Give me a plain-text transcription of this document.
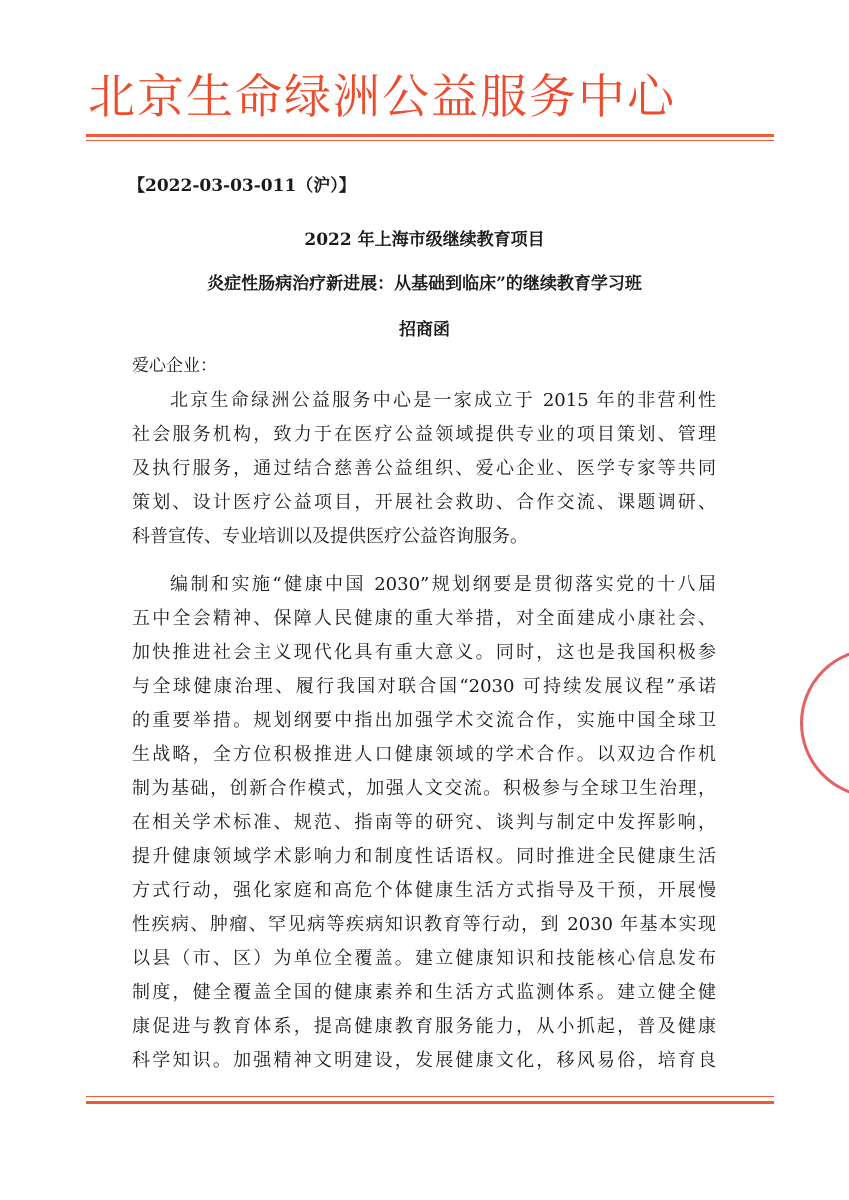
北京生命绿洲公益服务中心
【2022-03-03-011（沪）】
2022 年上海市级继续教育项目
炎症性肠病治疗新进展：从基础到临床”的继续教育学习班
招商函
爱心企业：
北京生命绿洲公益服务中心是一家成立于 2015 年的非营利性
社会服务机构，致力于在医疗公益领域提供专业的项目策划、管理
及执行服务，通过结合慈善公益组织、爱心企业、医学专家等共同
策划、设计医疗公益项目，开展社会救助、合作交流、课题调研、
科普宣传、专业培训以及提供医疗公益咨询服务。
编制和实施“健康中国 2030”规划纲要是贯彻落实党的十八届
五中全会精神、保障人民健康的重大举措，对全面建成小康社会、
加快推进社会主义现代化具有重大意义。同时，这也是我国积极参
与全球健康治理、履行我国对联合国“2030 可持续发展议程”承诺
的重要举措。规划纲要中指出加强学术交流合作，实施中国全球卫
生战略，全方位积极推进人口健康领域的学术合作。以双边合作机
制为基础，创新合作模式，加强人文交流。积极参与全球卫生治理，
在相关学术标准、规范、指南等的研究、谈判与制定中发挥影响，
提升健康领域学术影响力和制度性话语权。同时推进全民健康生活
方式行动，强化家庭和高危个体健康生活方式指导及干预，开展慢
性疾病、肿瘤、罕见病等疾病知识教育等行动，到 2030 年基本实现
以县（市、区）为单位全覆盖。建立健康知识和技能核心信息发布
制度，健全覆盖全国的健康素养和生活方式监测体系。建立健全健
康促进与教育体系，提高健康教育服务能力，从小抓起，普及健康
科学知识。加强精神文明建设，发展健康文化，移风易俗，培育良
